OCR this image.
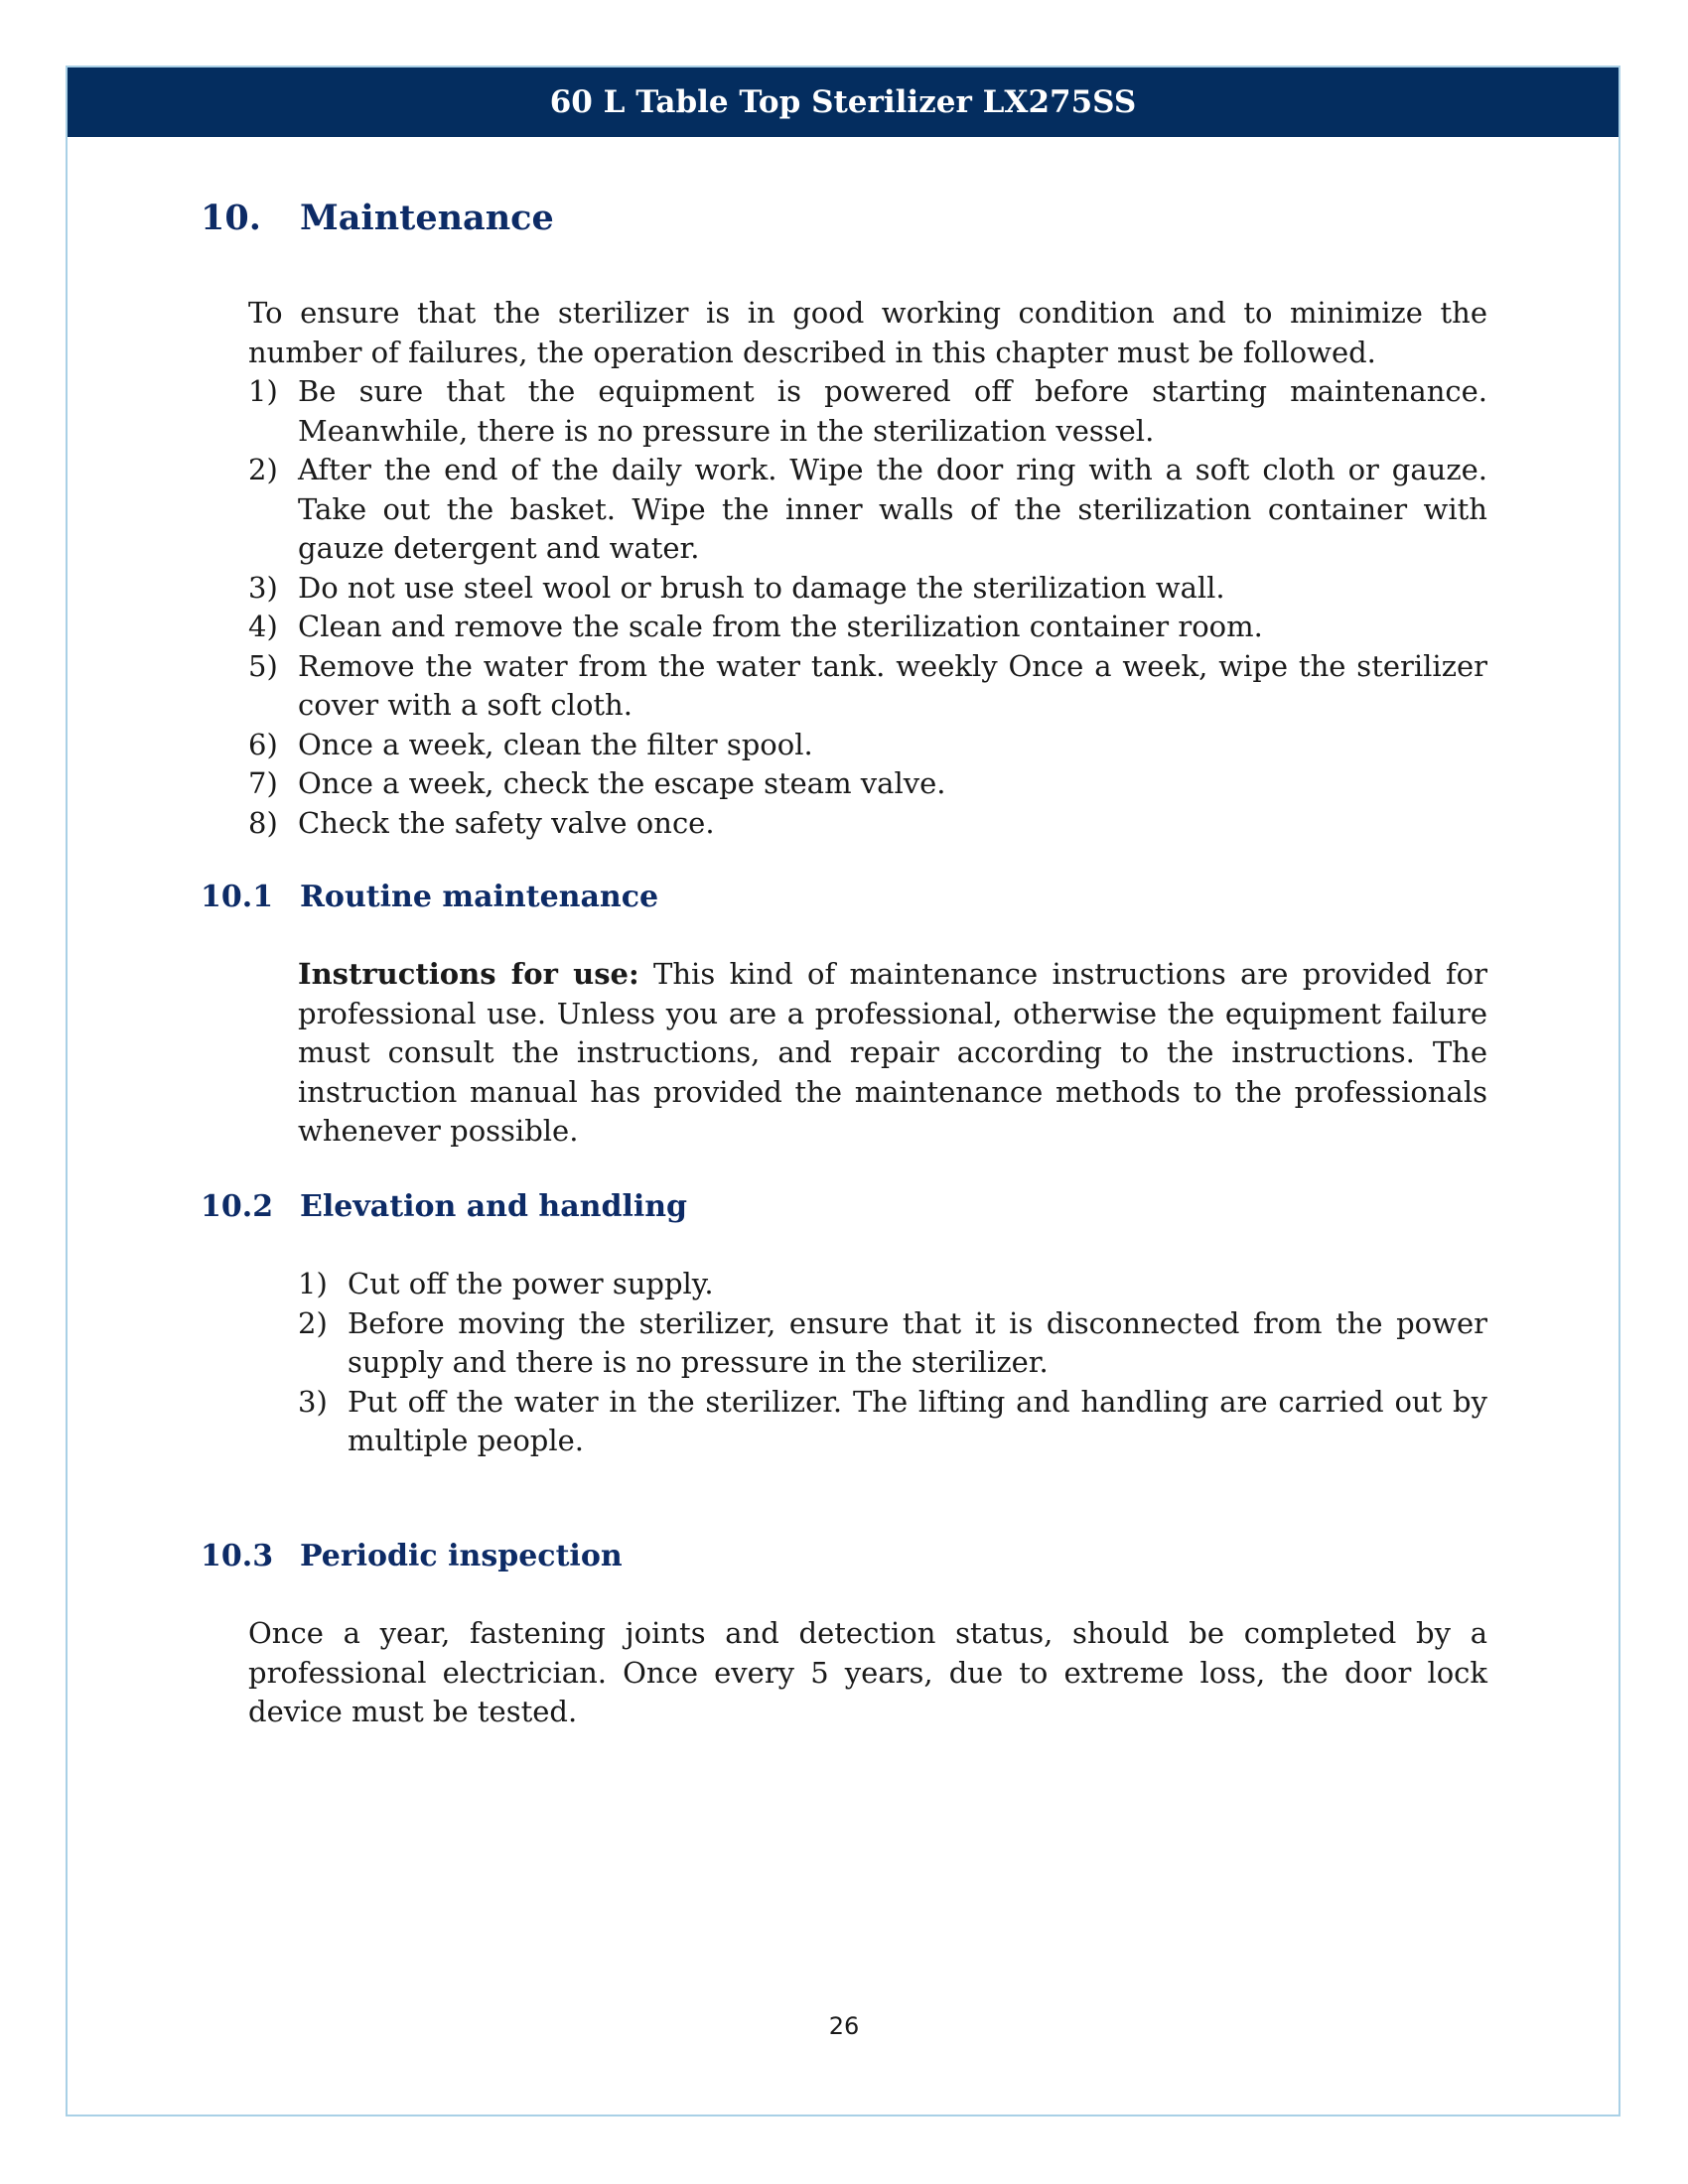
60 L Table Top Sterilizer LX275SS
10.	Maintenance
To ensure that the sterilizer is in good working condition and to minimize the number of failures, the operation described in this chapter must be followed.
1) Be sure that the equipment is powered off before starting maintenance. Meanwhile, there is no pressure in the sterilization vessel.
2) After the end of the daily work. Wipe the door ring with a soft cloth or gauze. Take out the basket. Wipe the inner walls of the sterilization container with gauze detergent and water.
3) Do not use steel wool or brush to damage the sterilization wall.
4) Clean and remove the scale from the sterilization container room.
5) Remove the water from the water tank. weekly Once a week, wipe the sterilizer cover with a soft cloth.
6) Once a week, clean the filter spool.
7) Once a week, check the escape steam valve.
8) Check the safety valve once.
10.1 Routine maintenance
Instructions for use: This kind of maintenance instructions are provided for professional use. Unless you are a professional, otherwise the equipment failure must consult the instructions, and repair according to the instructions. The instruction manual has provided the maintenance methods to the professionals whenever possible.
10.2 Elevation and handling
1) Cut off the power supply.
2) Before moving the sterilizer, ensure that it is disconnected from the power supply and there is no pressure in the sterilizer.
3) Put off the water in the sterilizer. The lifting and handling are carried out by multiple people.
10.3 Periodic inspection
Once a year, fastening joints and detection status, should be completed by a professional electrician. Once every 5 years, due to extreme loss, the door lock device must be tested.
26
